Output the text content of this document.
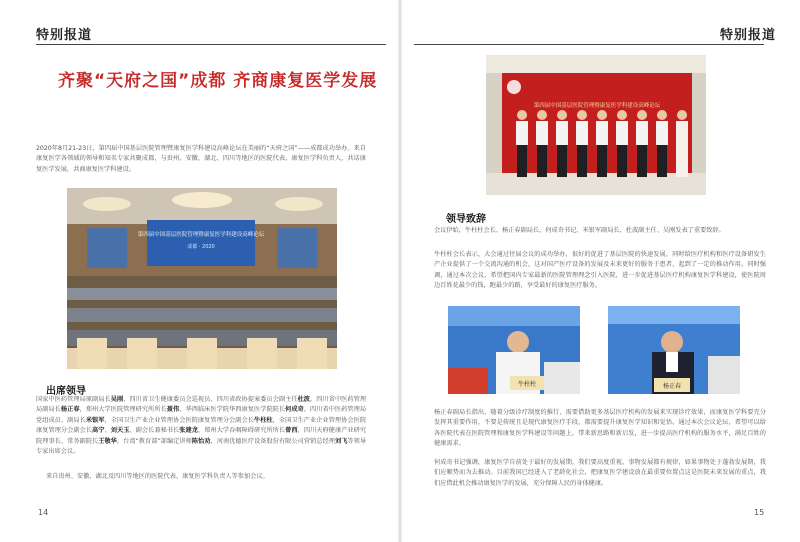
特别报道
齐聚“天府之国”成都 齐商康复医学发展
2020年8月21-23日，第四届中国基层医院管理暨康复医学科建设高峰论坛在美丽的“天府之国”——成都成功举办。来自康复医学各领域的领导和知名专家共聚成都，与贵州、安徽、湖北、四川等地区的医院代表、康复医学科负责人，共话康复医学发展，共商康复医学科建设。
第四届中国基层医院管理暨康复医学科建设高峰论坛
成都 · 2020
出席领导
国家中医药管理局原副局长吴刚，四川省卫生健康委员会巡视员、四川省政协提案委员会副主任杜波，四川省中医药管理局副局长杨正春，郑州大学医院管理研究所所长聂伟，华西临床医学院华西康复医学院院长何成奇，四川省中医药管理局党组成员、副局长米银军，全国卫生产业企业管理协会医院康复管理分会副会长牛柱柱，全国卫生产业企业管理协会医院康复管理分会副会长高宁、刘天玉、副会长兼秘书长张建龙，郑州大学吞咽障碍研究所所长曾西，四川天府健康产业研究院理事长、常务副院长王敬华，台湾“教育部”部编定讲师陈怡劝，河南优德医疗设备股份有限公司营销总经理刘飞等领导专家出席会议。
来自贵州、安徽、湖北及四川等地区的医院代表、康复医学科负责人等参加会议。
14
特别报道
第四届中国基层医院管理暨康复医学科建设高峰论坛
领导致辞
会议伊始，牛柱柱会长、杨正春副局长、何成奇书记、米银军副局长、杜波副主任、吴刚发表了重要致辞。
牛柱柱会长表示，大会通过往届会议的成功举办，很好的促进了基层医院的快速发展，同时给医疗机构和医疗设备研发生产企业提供了一个交流沟通的机会，这对国产医疗设备的发展及未来更好的服务于患者，起到了一定的推动作用。同时强调，通过本次会议，希望把国内专家最新的医院管理理念引入医院，进一步促进基层医疗机构康复医学科建设，使医院周边百姓花最少的钱，跑最少的路，享受最好的康复医疗服务。
牛柱柱	杨正春
杨正春副局长指出，随着分级诊疗制度的推行，需要借助更多基层医疗机构的发展来实现诊疗效果，而康复医学科要充分发挥其重要作用，不要是传统且是现代康复医疗手段，都需要提升康复医学知识和觉悟。通过本次会议论坛，希望可以给各医院代表在医院管理和康复医学科建设等问题上，带来新思路和新启发，进一步提高医疗机构的服务水平，满足百姓的健康需求。
何成奇书记强调，康复医学自前处于最好的发展期，我们要高度重视。事物发展都有规律，如果事物处于蓬勃发展期，我们应顺势而为去推动。目前我国已经进入了老龄化社会，把康复医学建设放在最重要位置点这是医院未来发展的重点，我们应借此机会推动康复医学的发展，充分保障人民的身体健康。
15
